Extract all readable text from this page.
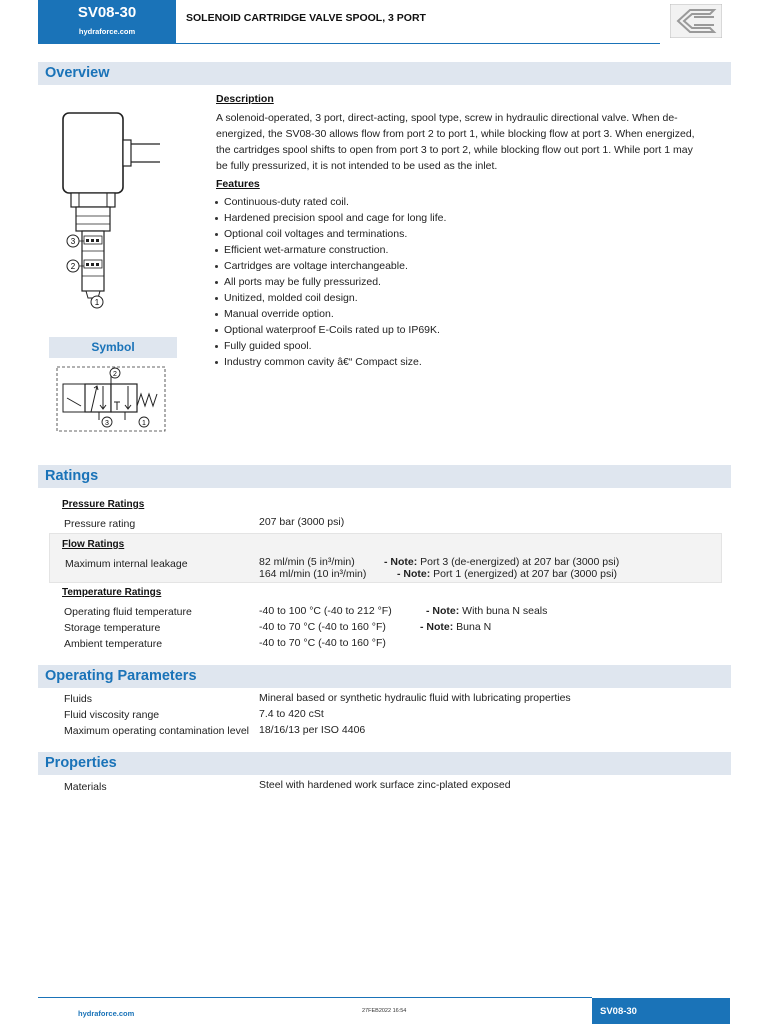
SV08-30
hydraforce.com
SOLENOID CARTRIDGE VALVE SPOOL, 3 PORT
Overview
3
2
1
Description
A solenoid-operated, 3 port, direct-acting, spool type, screw in hydraulic directional valve. When de-
energized, the SV08-30 allows flow from port 2 to port 1, while blocking flow at port 3. When energized,
the cartridges spool shifts to open from port 3 to port 2, while blocking flow out port 1. While port 1 may
be fully pressurized, it is not intended to be used as the inlet.
Features
Continuous-duty rated coil.
Hardened precision spool and cage for long life.
Optional coil voltages and terminations.
Efficient wet-armature construction.
Cartridges are voltage interchangeable.
All ports may be fully pressurized.
Unitized, molded coil design.
Manual override option.
Optional waterproof E-Coils rated up to IP69K.
Fully guided spool.
Industry common cavity â€“ Compact size.
Symbol
2
3	1
Ratings
Pressure Ratings
Pressure rating	207 bar (3000 psi)
Flow Ratings
Maximum internal leakage	82 ml/min (5 in³/min)	- Note: Port 3 (de-energized) at 207 bar (3000 psi)
164 ml/min (10 in³/min)	- Note: Port 1 (energized) at 207 bar (3000 psi)
Temperature Ratings
Operating fluid temperature	-40 to 100 °C (-40 to 212 °F)	- Note: With buna N seals
Storage temperature	-40 to 70 °C (-40 to 160 °F)	- Note: Buna N
Ambient temperature	-40 to 70 °C (-40 to 160 °F)
Operating Parameters
Fluids	Mineral based or synthetic hydraulic fluid with lubricating properties
Fluid viscosity range	7.4 to 420 cSt
Maximum operating contamination level 18/16/13 per ISO 4406
Properties
Materials	Steel with hardened work surface zinc-plated exposed
hydraforce.com	27FEB2022 16:54	SV08-30
